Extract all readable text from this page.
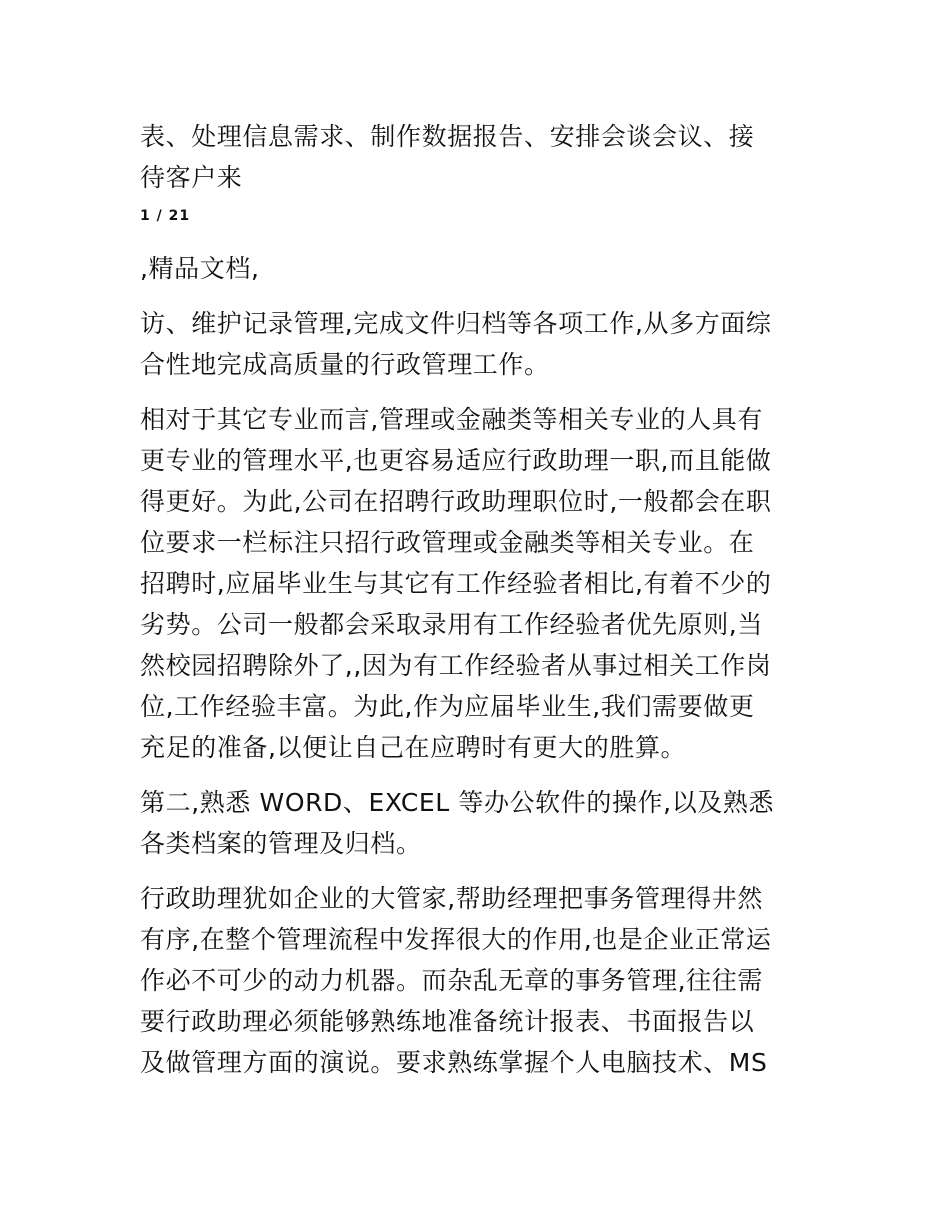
表、处理信息需求、制作数据报告、安排会谈会议、接
待客户来

1 / 21

,精品文档,

访、维护记录管理,完成文件归档等各项工作,从多方面综
合性地完成高质量的行政管理工作。

相对于其它专业而言,管理或金融类等相关专业的人具有
更专业的管理水平,也更容易适应行政助理一职,而且能做
得更好。为此,公司在招聘行政助理职位时,一般都会在职
位要求一栏标注只招行政管理或金融类等相关专业。在
招聘时,应届毕业生与其它有工作经验者相比,有着不少的
劣势。公司一般都会采取录用有工作经验者优先原则,当
然校园招聘除外了,,因为有工作经验者从事过相关工作岗
位,工作经验丰富。为此,作为应届毕业生,我们需要做更
充足的准备,以便让自己在应聘时有更大的胜算。

第二,熟悉 WORD、EXCEL 等办公软件的操作,以及熟悉
各类档案的管理及归档。

行政助理犹如企业的大管家,帮助经理把事务管理得井然
有序,在整个管理流程中发挥很大的作用,也是企业正常运
作必不可少的动力机器。而杂乱无章的事务管理,往往需
要行政助理必须能够熟练地准备统计报表、书面报告以
及做管理方面的演说。要求熟练掌握个人电脑技术、MS
